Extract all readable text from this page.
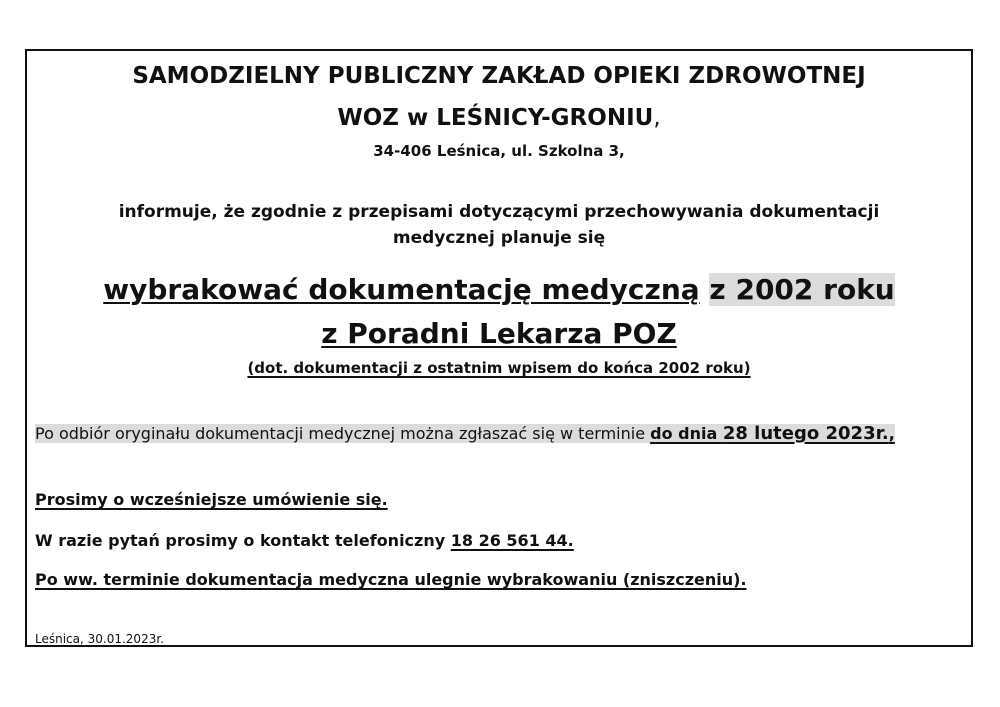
SAMODZIELNY PUBLICZNY ZAKŁAD OPIEKI ZDROWOTNEJ
WOZ w LEŚNICY-GRONIU,
34-406 Leśnica, ul. Szkolna 3,
informuje, że zgodnie z przepisami dotyczącymi przechowywania dokumentacji
medycznej planuje się
wybrakować dokumentację medyczną z 2002 roku
z Poradni Lekarza POZ
(dot. dokumentacji z ostatnim wpisem do końca 2002 roku)
Po odbiór oryginału dokumentacji medycznej można zgłaszać się w terminie do dnia 28 lutego 2023r.,
Prosimy o wcześniejsze umówienie się.
W razie pytań prosimy o kontakt telefoniczny 18 26 561 44.
Po ww. terminie dokumentacja medyczna ulegnie wybrakowaniu (zniszczeniu).
Leśnica, 30.01.2023r.
